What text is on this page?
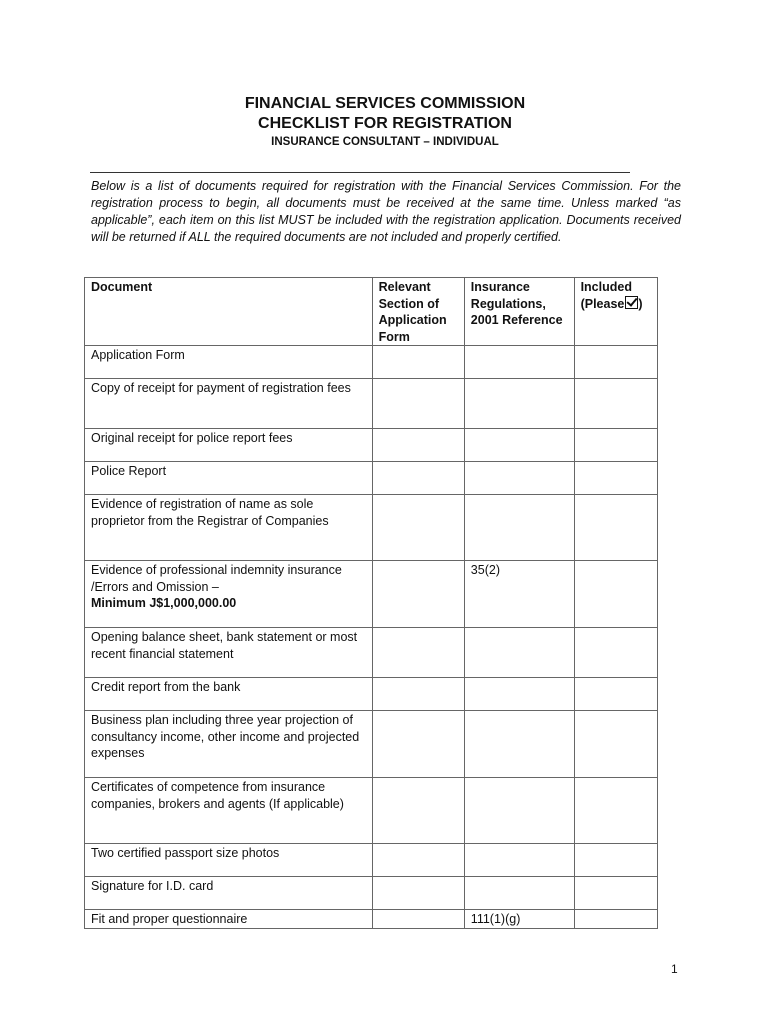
FINANCIAL SERVICES COMMISSION
CHECKLIST FOR REGISTRATION
INSURANCE CONSULTANT – INDIVIDUAL
Below is a list of documents required for registration with the Financial Services Commission. For the registration process to begin, all documents must be received at the same time. Unless marked “as applicable”, each item on this list MUST be included with the registration application. Documents received will be returned if ALL the required documents are not included and properly certified.
Document	Relevant Section of Application Form	Insurance Regulations, 2001 Reference	Included (Please )
Application Form			
Copy of receipt for payment of registration fees			
Original receipt for police report fees			
Police Report			
Evidence of registration of name as sole proprietor from the Registrar of Companies			
Evidence of professional indemnity insurance /Errors and Omission –
Minimum J$1,000,000.00		35(2)	
Opening balance sheet, bank statement or most recent financial statement			
Credit report from the bank			
Business plan including three year projection of consultancy income, other income and projected expenses			
Certificates of competence from insurance companies, brokers and agents (If applicable)			
Two certified passport size photos			
Signature for I.D. card			
Fit and proper questionnaire		111(1)(g)	
1
